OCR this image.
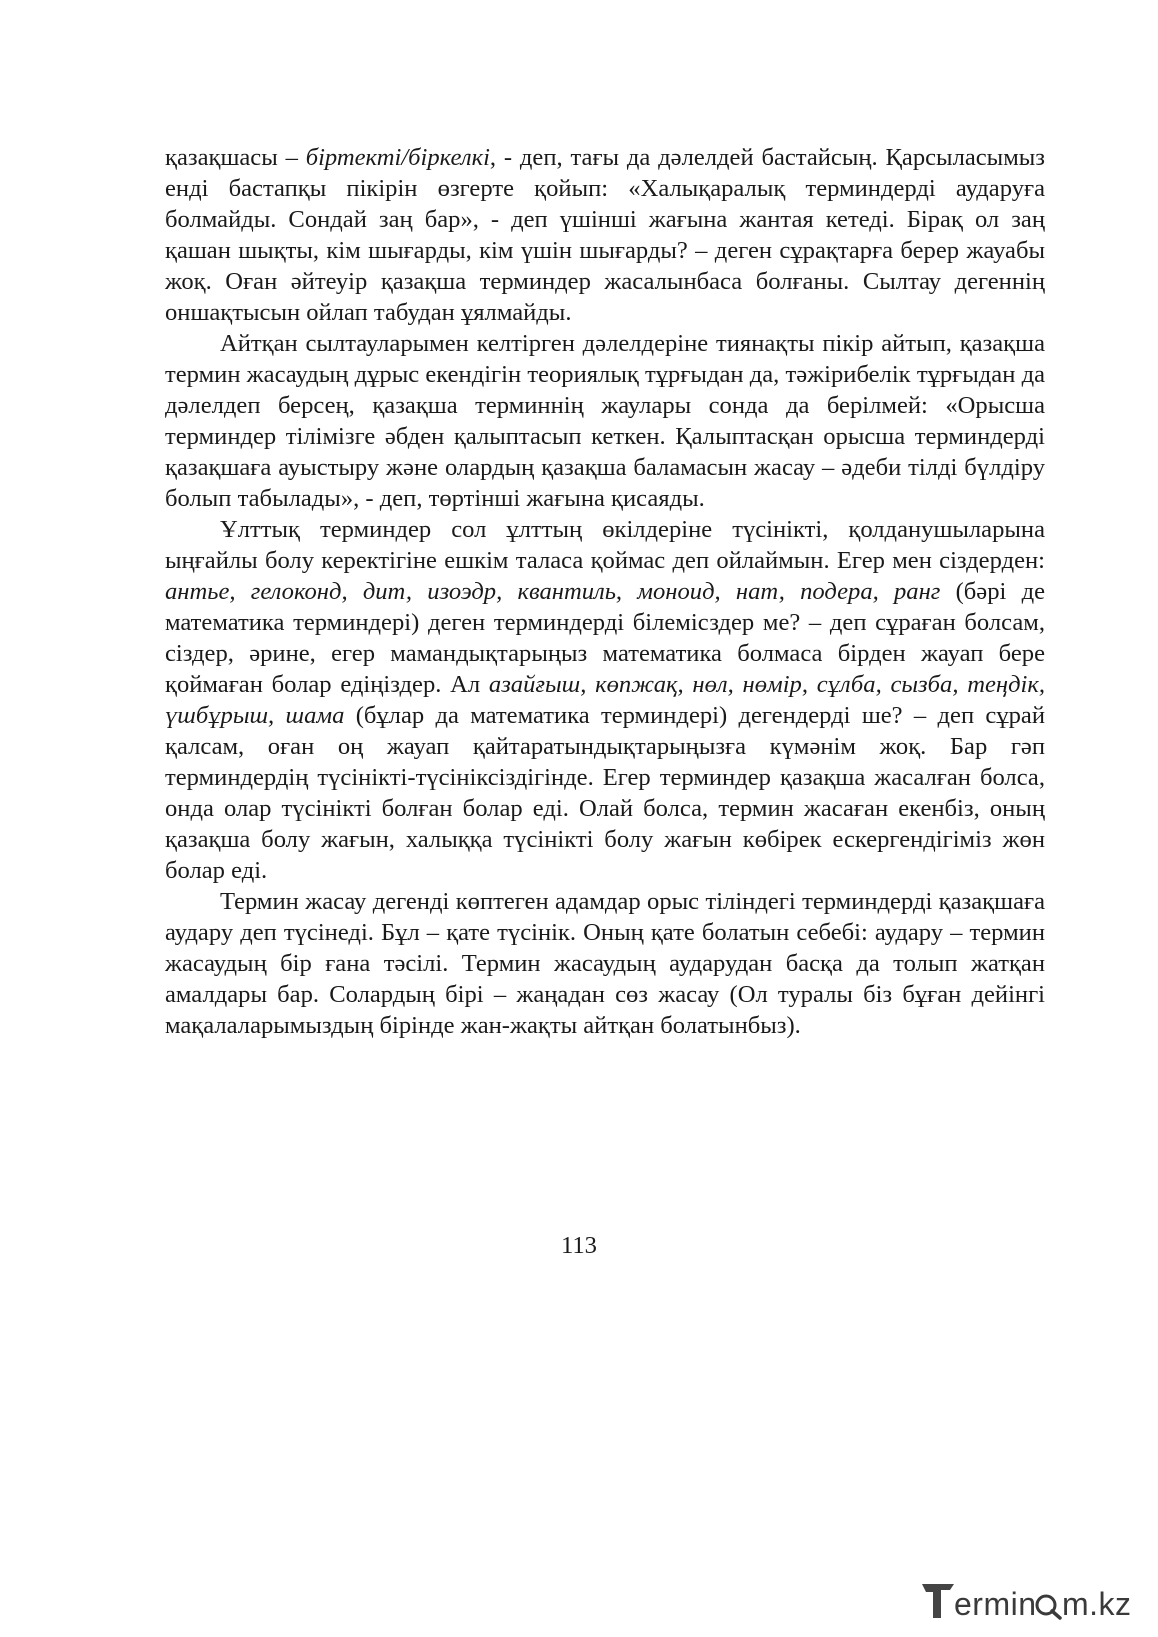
қазақшасы – біртекті/біркелкі, - деп, тағы да дәлелдей бастайсың. Қарсыласымыз енді бастапқы пікірін өзгерте қойып: «Халықаралық терминдерді аударуға болмайды. Сондай заң бар», - деп үшінші жағына жантая кетеді. Бірақ ол заң қашан шықты, кім шығарды, кім үшін шығарды? – деген сұрақтарға берер жауабы жоқ. Оған әйтеуір қазақша терминдер жасалынбаса болғаны. Сылтау дегеннің оншақтысын ойлап табудан ұялмайды.

Айтқан сылтауларымен келтірген дәлелдеріне тиянақты пікір айтып, қазақша термин жасаудың дұрыс екендігін теориялық тұрғыдан да, тәжірибелік тұрғыдан да дәлелдеп берсең, қазақша терминнің жаулары сонда да берілмей: «Орысша терминдер тілімізге әбден қалыптасып кеткен. Қалыптасқан орысша терминдерді қазақшаға ауыстыру және олардың қазақша баламасын жасау – әдеби тілді бүлдіру болып табылады», - деп, төртінші жағына қисаяды.

Ұлттық терминдер сол ұлттың өкілдеріне түсінікті, қолданушыларына ыңғайлы болу керектігіне ешкім таласа қоймас деп ойлаймын. Егер мен сіздерден: антье, гелоконд, дит, изоэдр, квантиль, моноид, нат, подера, ранг (бәрі де математика терминдері) деген терминдерді білемісздер ме? – деп сұраған болсам, сіздер, әрине, егер мамандықтарыңыз математика болмаса бірден жауап бере қоймаған болар едіңіздер. Ал азайғыш, көпжақ, нөл, нөмір, сұлба, сызба, теңдік, үшбұрыш, шама (бұлар да математика терминдері) дегендерді ше? – деп сұрай қалсам, оған оң жауап қайтаратындықтарыңызға күмәнім жоқ. Бар гәп терминдердің түсінікті-түсініксіздігінде. Егер терминдер қазақша жасалған болса, онда олар түсінікті болған болар еді. Олай болса, термин жасаған екенбіз, оның қазақша болу жағын, халыққа түсінікті болу жағын көбірек ескергендігіміз жөн болар еді.

Термин жасау дегенді көптеген адамдар орыс тіліндегі терминдерді қазақшаға аудару деп түсінеді. Бұл – қате түсінік. Оның қате болатын себебі: аудару – термин жасаудың бір ғана тәсілі. Термин жасаудың аударудан басқа да толып жатқан амалдары бар. Солардың бірі – жаңадан сөз жасау (Ол туралы біз бұған дейінгі мақалаларымыздың бірінде жан-жақты айтқан болатынбыз).

113
ermin m.kz
